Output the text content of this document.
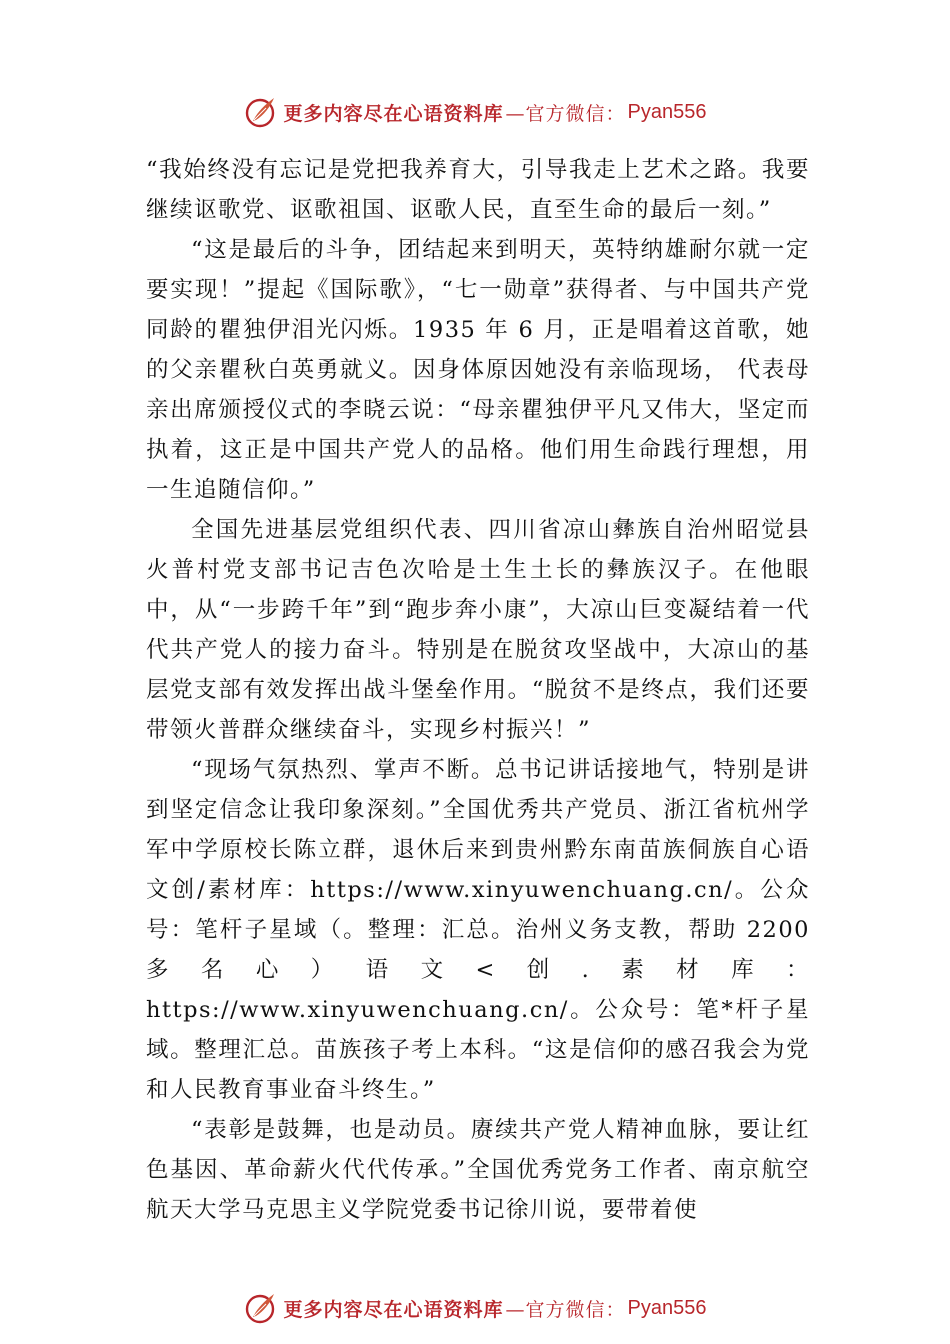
更多内容尽在心语资料库 —官方微信： Pyan556

“我始终没有忘记是党把我养育大，引导我走上艺术之路。我要继续讴歌党、讴歌祖国、讴歌人民，直至生命的最后一刻。”

“这是最后的斗争，团结起来到明天，英特纳雄耐尔就一定要实现！”提起《国际歌》，“七一勋章”获得者、与中国共产党同龄的瞿独伊泪光闪烁。1935 年 6 月，正是唱着这首歌，她的父亲瞿秋白英勇就义。因身体原因她没有亲临现场， 代表母亲出席颁授仪式的李晓云说：“母亲瞿独伊平凡又伟大，坚定而执着，这正是中国共产党人的品格。他们用生命践行理想，用一生追随信仰。”

全国先进基层党组织代表、四川省凉山彝族自治州昭觉县火普村党支部书记吉色次哈是土生土长的彝族汉子。在他眼中，从“一步跨千年”到“跑步奔小康”，大凉山巨变凝结着一代代共产党人的接力奋斗。特别是在脱贫攻坚战中，大凉山的基层党支部有效发挥出战斗堡垒作用。“脱贫不是终点，我们还要带领火普群众继续奋斗，实现乡村振兴！”

“现场气氛热烈、掌声不断。总书记讲话接地气，特别是讲到坚定信念让我印象深刻。”全国优秀共产党员、浙江省杭州学军中学原校长陈立群，退休后来到贵州黔东南苗族侗族自心语文创/素材库：https://www.xinyuwenchuang.cn/。公众号：笔杆子星域（。整理：汇总。治州义务支教，帮助 2200 多名心）语文<创.素材库：https://www.xinyuwenchuang.cn/。公众号：笔*杆子星域。整理汇总。苗族孩子考上本科。“这是信仰的感召我会为党和人民教育事业奋斗终生。”

“表彰是鼓舞，也是动员。赓续共产党人精神血脉，要让红色基因、革命薪火代代传承。”全国优秀党务工作者、南京航空航天大学马克思主义学院党委书记徐川说，要带着使

更多内容尽在心语资料库 —官方微信： Pyan556
